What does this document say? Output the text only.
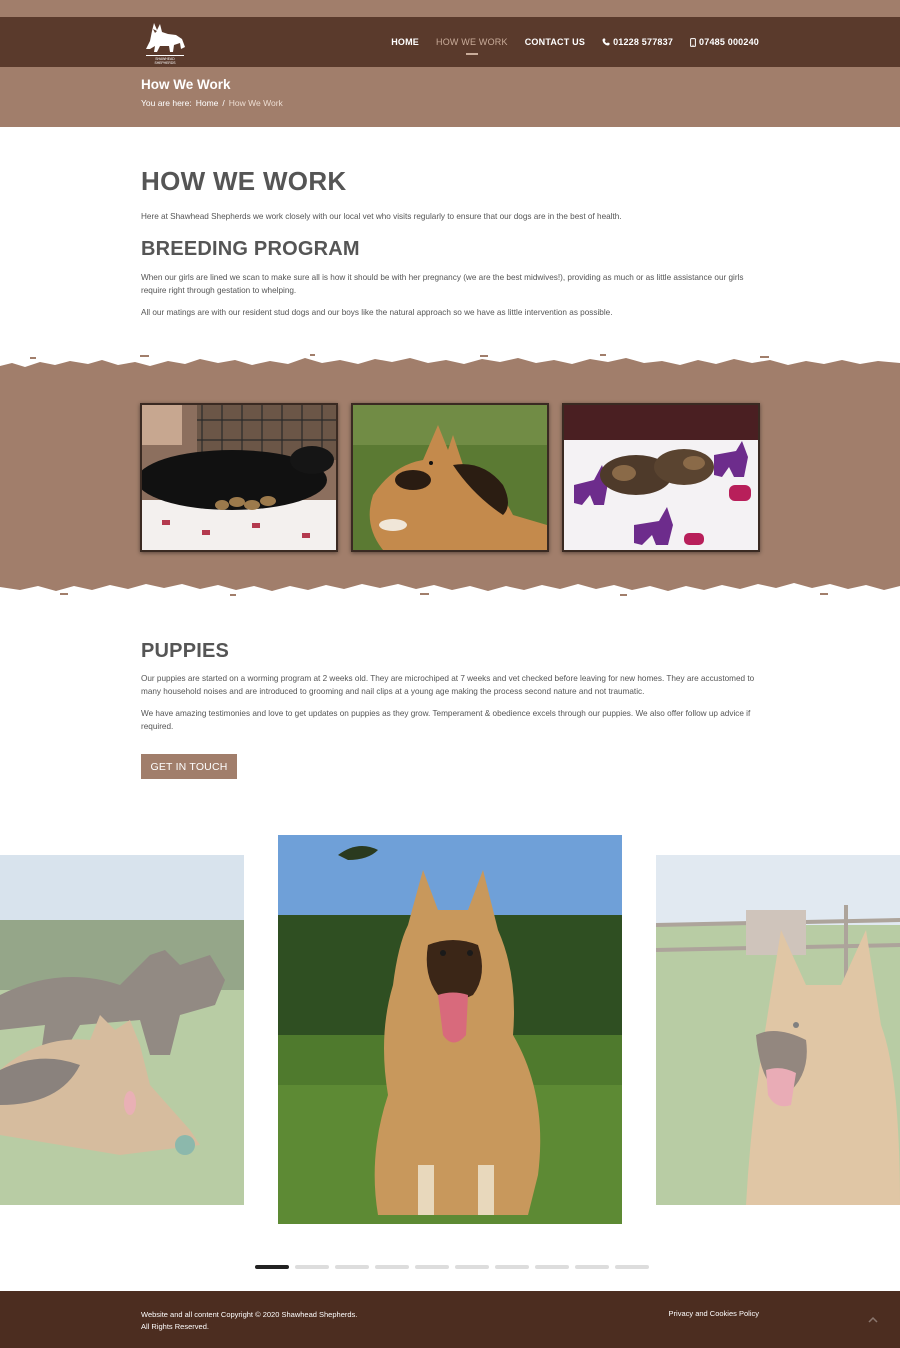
SHAWHEAD
SHEPHERDS
HOME HOW WE WORK CONTACT US	01228 577837	07485 000240
How We Work
You are here: Home / How We Work
HOW WE WORK

Here at Shawhead Shepherds we work closely with our local vet who visits regularly to ensure that our dogs are in the best of health.

BREEDING PROGRAM

When our girls are lined we scan to make sure all is how it should be with her pregnancy (we are the best midwives!), providing as much or as little assistance our girls require right through gestation to whelping.

All our matings are with our resident stud dogs and our boys like the natural approach so we have as little intervention as possible.

PUPPIES

Our puppies are started on a worming program at 2 weeks old. They are microchiped at 7 weeks and vet checked before leaving for new homes. They are accustomed to many household noises and are introduced to grooming and nail clips at a young age making the process second nature and not traumatic.

We have amazing testimonies and love to get updates on puppies as they grow. Temperament & obedience excels through our puppies. We also offer follow up advice if required.

GET IN TOUCH
Website and all content Copyright © 2020 Shawhead Shepherds.
All Rights Reserved.
Privacy and Cookies Policy
